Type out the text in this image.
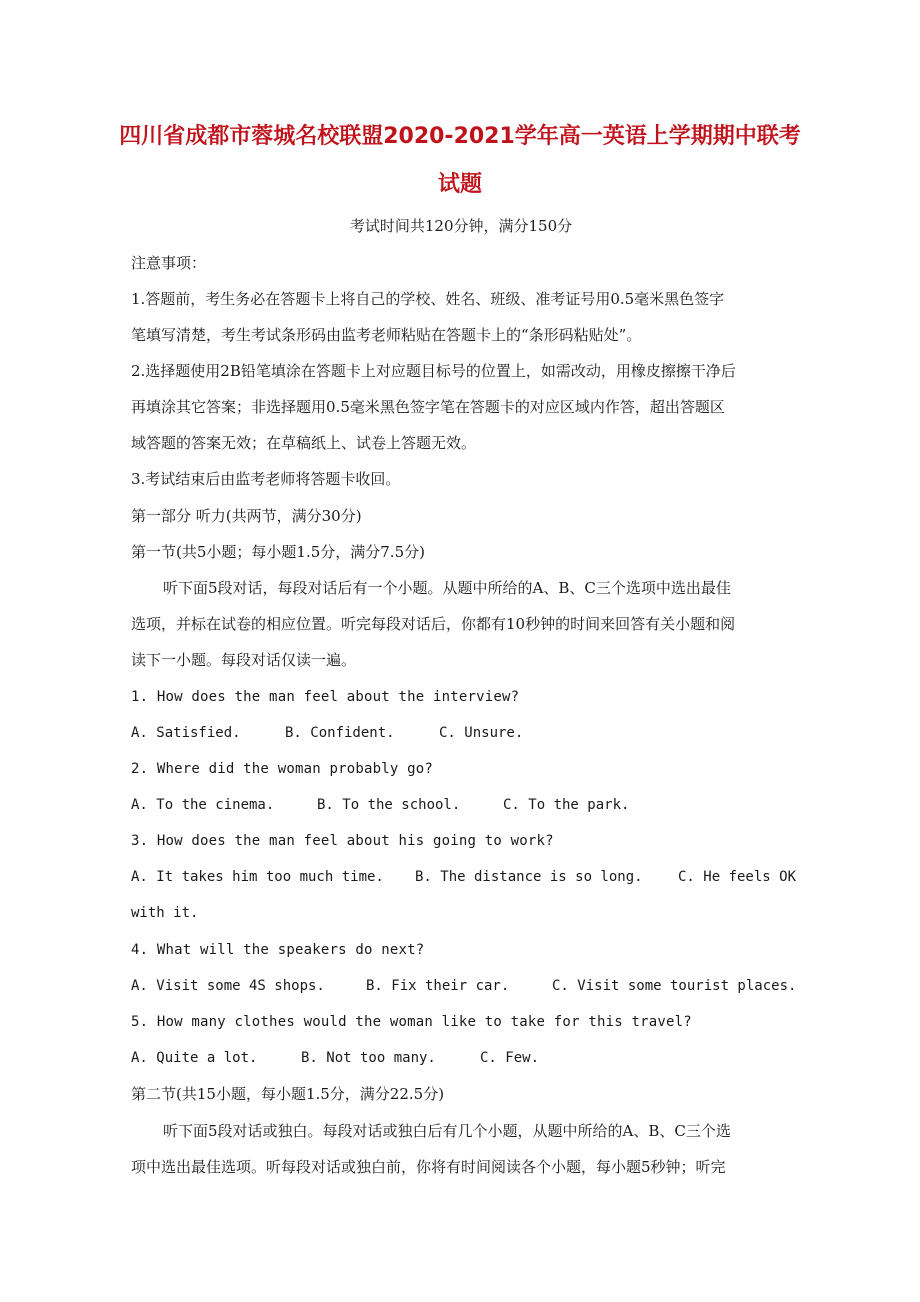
四川省成都市蓉城名校联盟2020-2021学年高一英语上学期期中联考
试题
考试时间共120分钟，满分150分
注意事项：
1.答题前，考生务必在答题卡上将自己的学校、姓名、班级、准考证号用0.5毫米黑色签字
笔填写清楚，考生考试条形码由监考老师粘贴在答题卡上的“条形码粘贴处”。
2.选择题使用2B铅笔填涂在答题卡上对应题目标号的位置上，如需改动，用橡皮擦擦干净后
再填涂其它答案；非选择题用0.5毫米黑色签字笔在答题卡的对应区域内作答，超出答题区
域答题的答案无效；在草稿纸上、试卷上答题无效。
3.考试结束后由监考老师将答题卡收回。
第一部分 听力(共两节，满分30分)
第一节(共5小题；每小题1.5分，满分7.5分)
听下面5段对话，每段对话后有一个小题。从题中所给的A、B、C三个选项中选出最佳
选项，并标在试卷的相应位置。听完每段对话后，你都有10秒钟的时间来回答有关小题和阅
读下一小题。每段对话仅读一遍。
1. How does the man feel about the interview?
A. Satisfied.	B. Confident.	C. Unsure.
2. Where did the woman probably go?
A. To the cinema.	B. To the school.	C. To the park.
3. How does the man feel about his going to work?
A. It takes him too much time. B. The distance is so long.	C. He feels OK
with it.
4. What will the speakers do next?
A. Visit some 4S shops.	B. Fix their car.	C. Visit some tourist places.
5. How many clothes would the woman like to take for this travel?
A. Quite a lot.	B. Not too many.	C. Few.
第二节(共15小题，每小题1.5分，满分22.5分)
听下面5段对话或独白。每段对话或独白后有几个小题，从题中所给的A、B、C三个选
项中选出最佳选项。听每段对话或独白前，你将有时间阅读各个小题，每小题5秒钟；听完
